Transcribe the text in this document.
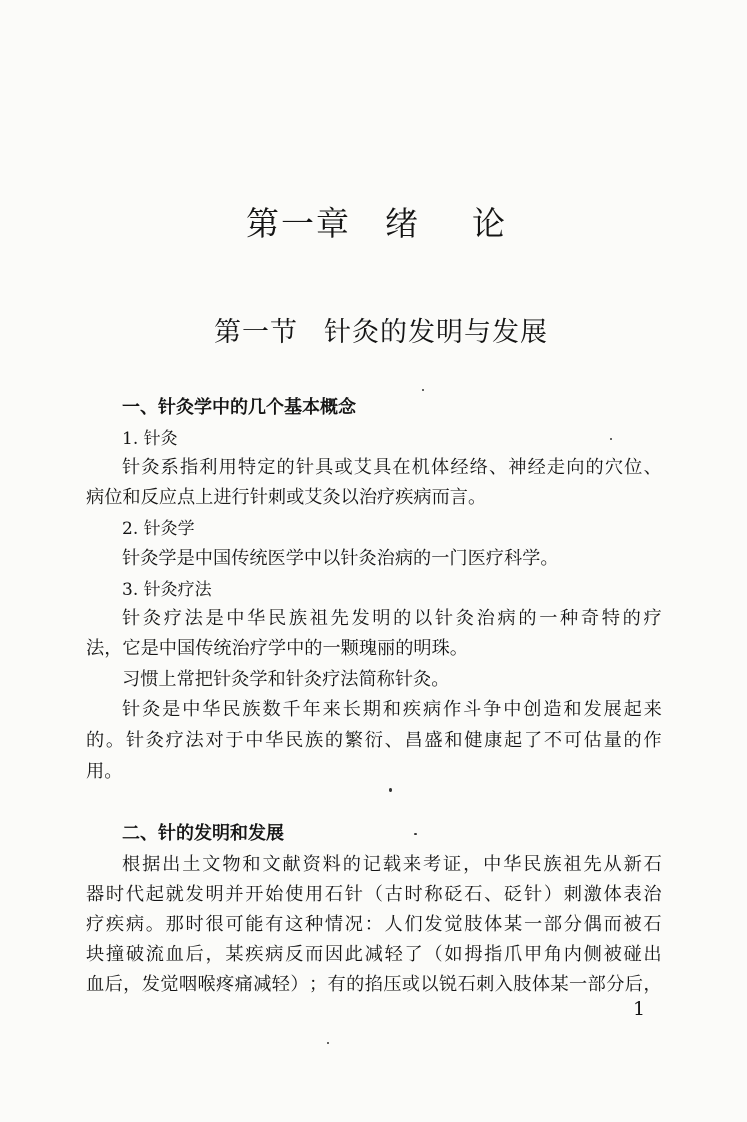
第一章 绪 论
第一节 针灸的发明与发展
一、针灸学中的几个基本概念
1. 针灸
针 灸 系 指 利 用 特 定 的 针 具 或 艾 具 在 机 体 经 络 、 神 经 走 向 的 穴 位 、
病位和反应点上进行针刺或艾灸以治疗疾病而言。
2. 针灸学
针灸学是中国传统医学中以针灸治病的一门医疗科学。
3. 针灸疗法
针 灸 疗 法 是 中 华 民 族 祖 先 发 明 的 以 针 灸 治 病 的 一 种 奇 特 的 疗
法，它是中国传统治疗学中的一颗瑰丽的明珠。
习惯上常把针灸学和针灸疗法简称针灸。
针 灸 是 中 华 民 族 数 千 年 来 长 期 和 疾 病 作 斗 争 中 创 造 和 发 展 起 来
的 。 针 灸 疗 法 对 于 中 华 民 族 的 繁 衍 、 昌 盛 和 健 康 起 了 不 可 估 量 的 作
用。
二、针的发明和发展
根 据 出 土 文 物 和 文 献 资 料 的 记 载 来 考 证 ， 中 华 民 族 祖 先 从 新 石
器 时 代 起 就 发 明 并 开 始 使 用 石 针 （ 古 时 称 砭 石 、 砭 针 ） 刺 激 体 表 治
疗 疾 病 。 那 时 很 可 能 有 这 种 情 况 ： 人 们 发 觉 肢 体 某 一 部 分 偶 而 被 石
块 撞 破 流 血 后 ， 某 疾 病 反 而 因 此 减 轻 了 （ 如 拇 指 爪 甲 角 内 侧 被 碰 出
血 后 ， 发 觉 咽 喉 疼 痛 减 轻 ） ； 有 的 掐 压 或 以 锐 石 刺 入 肢 体 某 一 部 分 后 ，
1
